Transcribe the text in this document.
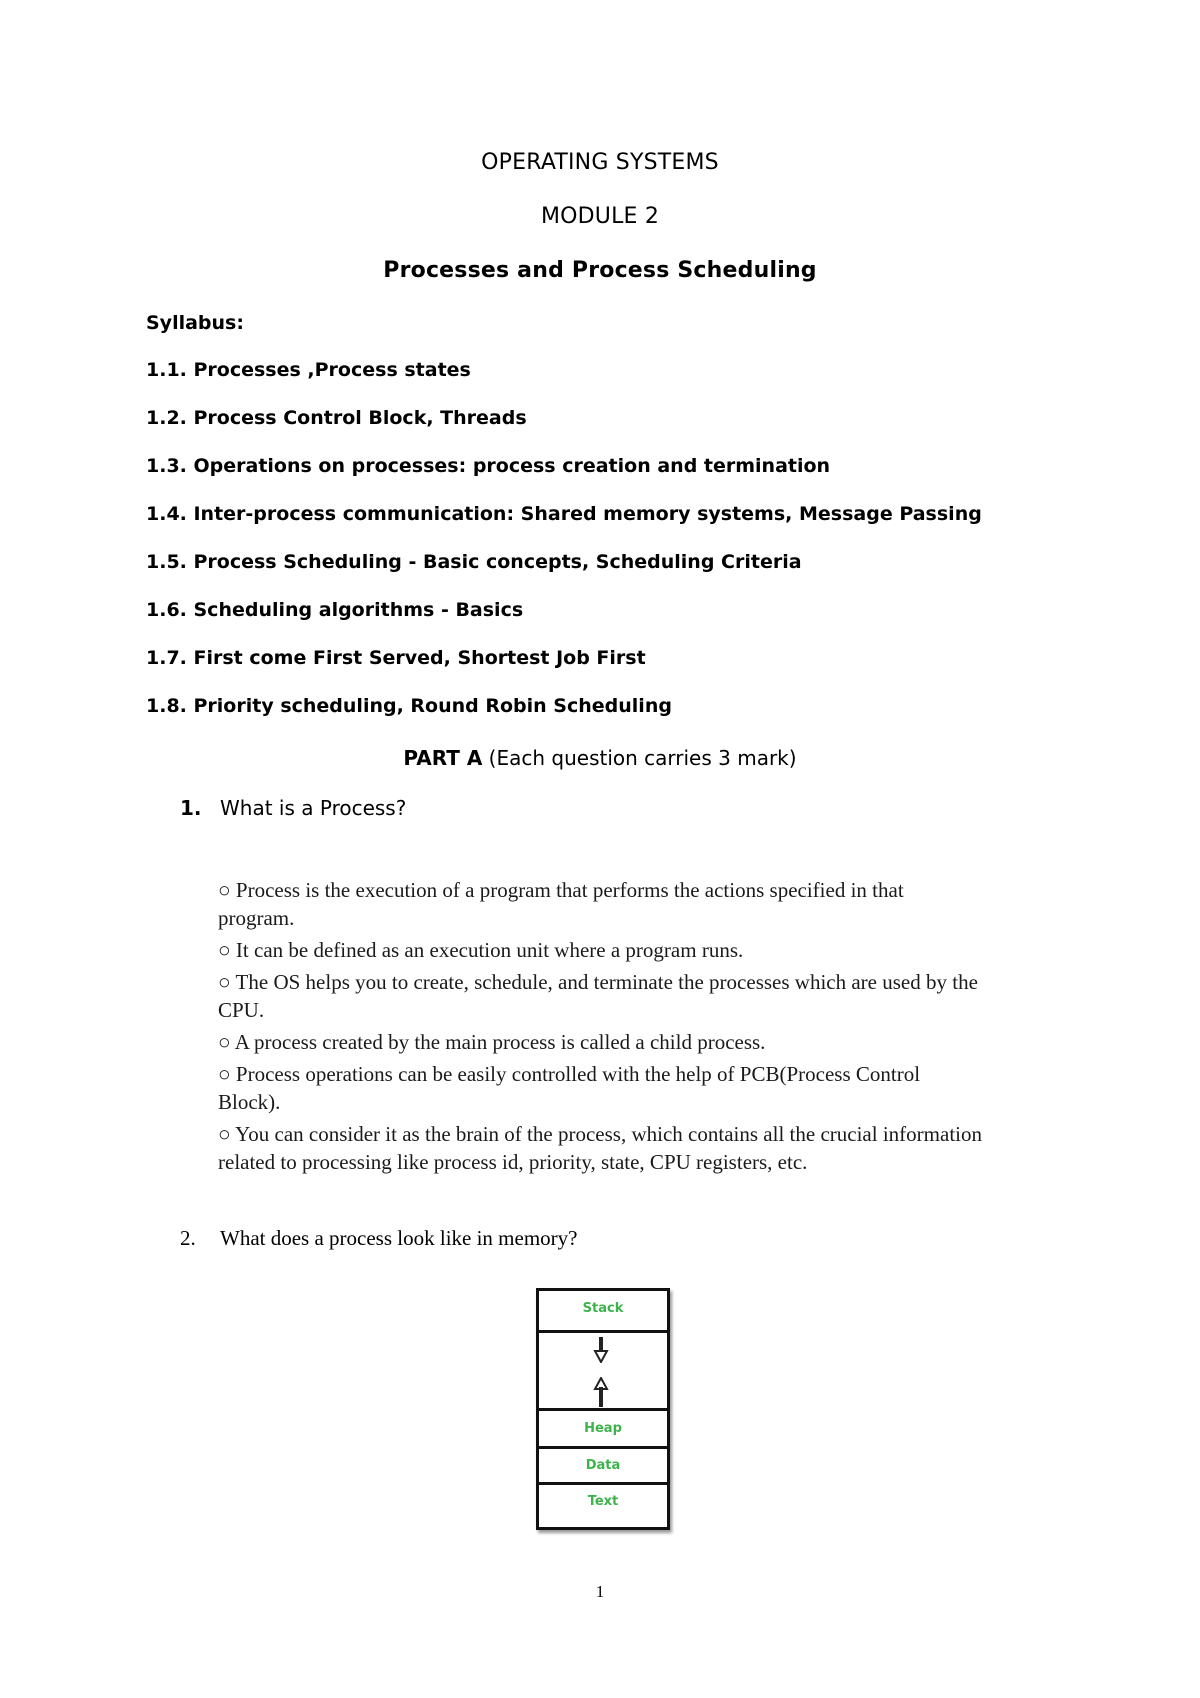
OPERATING SYSTEMS
MODULE 2
Processes and Process Scheduling
Syllabus:
1.1. Processes ,Process states
1.2. Process Control Block, Threads
1.3. Operations on processes: process creation and termination
1.4. Inter-process communication: Shared memory systems, Message Passing
1.5. Process Scheduling - Basic concepts, Scheduling Criteria
1.6. Scheduling algorithms - Basics
1.7. First come First Served, Shortest Job First
1.8. Priority scheduling, Round Robin Scheduling
PART A (Each question carries 3 mark)
1. What is a Process?

○ Process is the execution of a program that performs the actions specified in that program.

○ It can be defined as an execution unit where a program runs.

○ The OS helps you to create, schedule, and terminate the processes which are used by the CPU.

○ A process created by the main process is called a child process.

○ Process operations can be easily controlled with the help of PCB(Process Control Block).

○ You can consider it as the brain of the process, which contains all the crucial information related to processing like process id, priority, state, CPU registers, etc.

2. What does a process look like in memory?
Stack
Heap
Data
Text
1
